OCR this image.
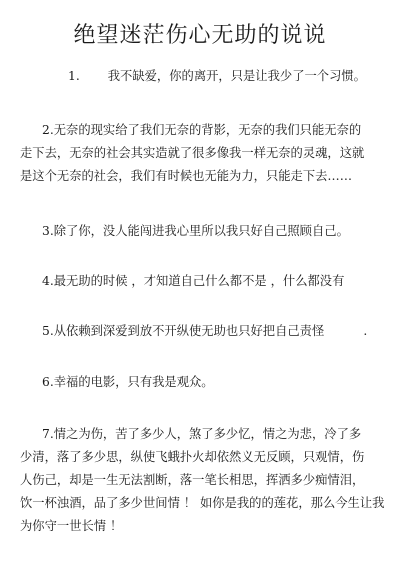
绝望迷茫伤心无助的说说

1. 我不缺爱，你的离开，只是让我少了一个习惯。

2.无奈的现实给了我们无奈的背影，无奈的我们只能无奈的
走下去，无奈的社会其实造就了很多像我一样无奈的灵魂，这就
是这个无奈的社会，我们有时候也无能为力，只能走下去……

3.除了你，没人能闯进我心里所以我只好自己照顾自己。

4.最无助的时候 ，才知道自己什么都不是 ，什么都没有

5.从依赖到深爱到放不开纵使无助也只好把自己责怪          .

6.幸福的电影，只有我是观众。

7.情之为伤，苦了多少人，煞了多少忆，情之为悲，冷了多
少清，落了多少思，纵使飞蛾扑火却依然义无反顾，只观情，伤
人伤己，却是一生无法割断，落一笔长相思，挥洒多少痴情泪，
饮一杯浊酒，品了多少世间情 ！ 如你是我的的莲花，那么今生让我
为你守一世长情 ！
